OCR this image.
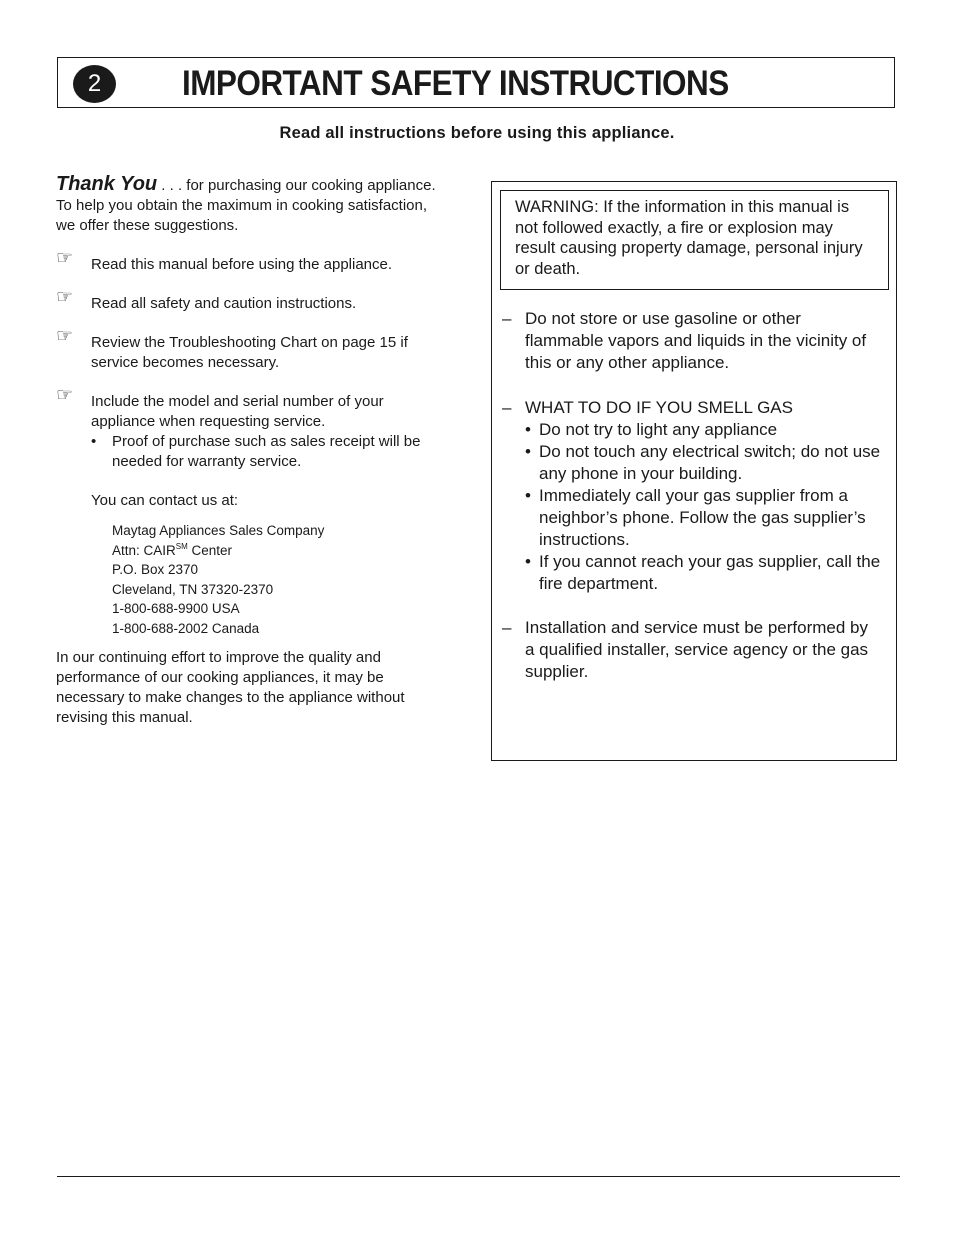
2	IMPORTANT SAFETY INSTRUCTIONS
Read all instructions before using this appliance.

Thank You . . . for purchasing our cooking appliance. To help you obtain the maximum in cooking satisfaction, we offer these suggestions.

☞ Read this manual before using the appliance.
☞ Read all safety and caution instructions.
☞ Review the Troubleshooting Chart on page 15 if service becomes necessary.
☞ Include the model and serial number of your appliance when requesting service.
• Proof of purchase such as sales receipt will be needed for warranty service.
You can contact us at:
Maytag Appliances Sales Company
Attn: CAIR℠ Center
P.O. Box 2370
Cleveland, TN 37320-2370
1-800-688-9900 USA
1-800-688-2002 Canada

In our continuing effort to improve the quality and performance of our cooking appliances, it may be necessary to make changes to the appliance without revising this manual.

WARNING: If the information in this manual is not followed exactly, a fire or explosion may result causing property damage, personal injury or death.
– Do not store or use gasoline or other flammable vapors and liquids in the vicinity of this or any other appliance.
– WHAT TO DO IF YOU SMELL GAS
• Do not try to light any appliance
• Do not touch any electrical switch; do not use any phone in your building.
• Immediately call your gas supplier from a neighbor’s phone. Follow the gas supplier’s instructions.
• If you cannot reach your gas supplier, call the fire department.
– Installation and service must be performed by a qualified installer, service agency or the gas supplier.
